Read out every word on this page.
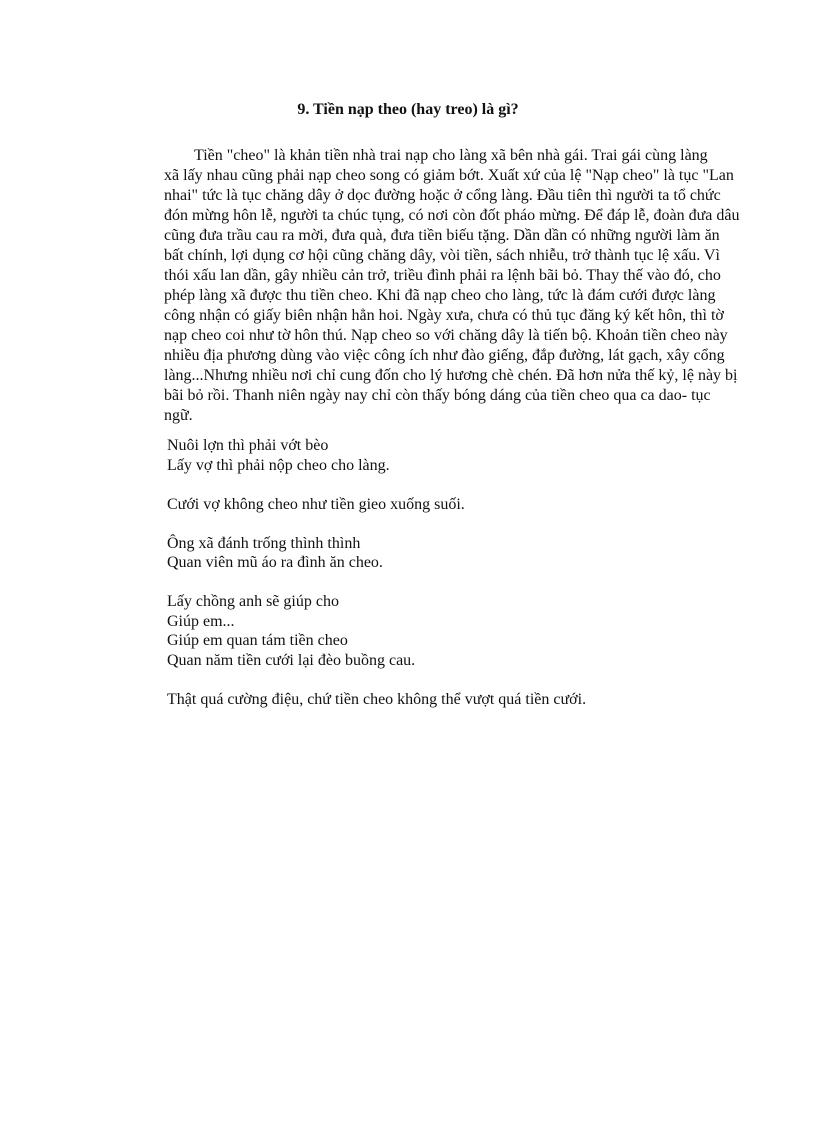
9. Tiền nạp theo (hay treo) là gì?

Tiền "cheo" là khản tiền nhà trai nạp cho làng xã bên nhà gái. Trai gái cùng làng
xã lấy nhau cũng phải nạp cheo song có giảm bớt. Xuất xứ của lệ "Nạp cheo" là tục "Lan
nhai" tức là tục chăng dây ở dọc đường hoặc ở cổng làng. Đầu tiên thì người ta tổ chức
đón mừng hôn lễ, người ta chúc tụng, có nơi còn đốt pháo mừng. Để đáp lễ, đoàn đưa dâu
cũng đưa trầu cau ra mời, đưa quà, đưa tiền biếu tặng. Dần dần có những người làm ăn
bất chính, lợi dụng cơ hội cũng chăng dây, vòi tiền, sách nhiễu, trở thành tục lệ xấu. Vì
thói xấu lan dần, gây nhiều cản trở, triều đình phải ra lệnh bãi bỏ. Thay thế vào đó, cho
phép làng xã được thu tiền cheo. Khi đã nạp cheo cho làng, tức là đám cưới được làng
công nhận có giấy biên nhận hẳn hoi. Ngày xưa, chưa có thủ tục đăng ký kết hôn, thì tờ
nạp cheo coi như tờ hôn thú. Nạp cheo so với chăng dây là tiến bộ. Khoản tiền cheo này
nhiều địa phương dùng vào việc công ích như đào giếng, đắp đường, lát gạch, xây cổng
làng...Nhưng nhiều nơi chỉ cung đốn cho lý hương chè chén. Đã hơn nửa thế kỷ, lệ này bị
bãi bỏ rồi. Thanh niên ngày nay chỉ còn thấy bóng dáng của tiền cheo qua ca dao- tục
ngữ.

Nuôi lợn thì phải vớt bèo
Lấy vợ thì phải nộp cheo cho làng.
Cưới vợ không cheo như tiền gieo xuống suối.
Ông xã đánh trống thình thình
Quan viên mũ áo ra đình ăn cheo.
Lấy chồng anh sẽ giúp cho
Giúp em...
Giúp em quan tám tiền cheo
Quan năm tiền cưới lại đèo buồng cau.

Thật quá cường điệu, chứ tiền cheo không thể vượt quá tiền cưới.
